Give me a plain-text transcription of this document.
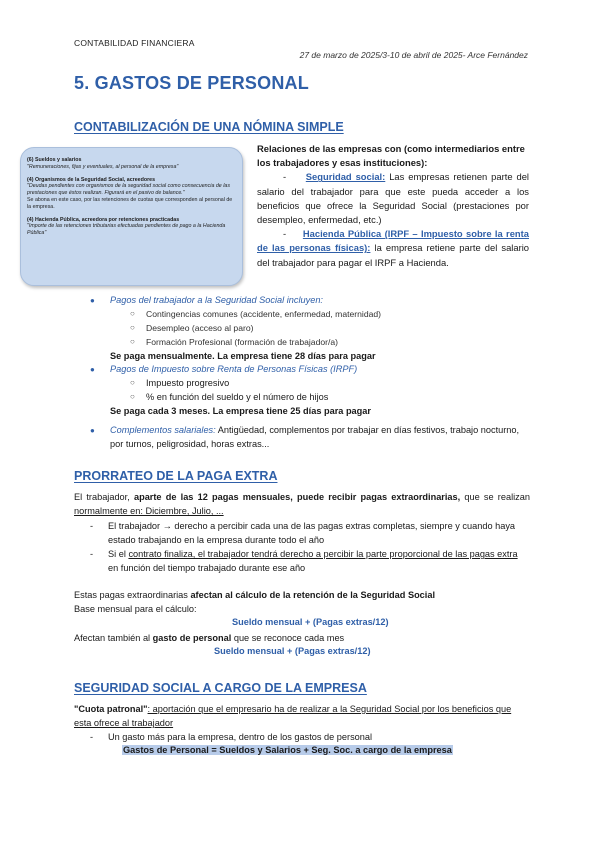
CONTABILIDAD FINANCIERA
27 de marzo de 2025/3-10 de abril de 2025- Arce Fernández
5. GASTOS DE PERSONAL
CONTABILIZACIÓN DE UNA NÓMINA SIMPLE

(6) Sueldos y salarios
"Remuneraciones, fijas y eventuales, al personal de la empresa"

(4) Organismos de la Seguridad Social, acreedores
"Deudas pendientes con organismos de la seguridad social como consecuencia de las prestaciones que éstos realizan. Figurará en el pasivo de balance."
Se abona en este caso, por las retenciones de cuotas que corresponden al personal de la empresa.

(4) Hacienda Pública, acreedora por retenciones practicadas
"Importe de las retenciones tributarias efectuadas pendientes de pago a la Hacienda Pública"

Relaciones de las empresas con (como intermediarios entre los trabajadores y esas instituciones):
- Seguridad social: Las empresas retienen parte del salario del trabajador para que este pueda acceder a los beneficios que ofrece la Seguridad Social (prestaciones por desempleo, enfermedad, etc.)
- Hacienda Pública (IRPF – Impuesto sobre la renta de las personas físicas): la empresa retiene parte del salario del trabajador para pagar el IRPF a Hacienda.
● Pagos del trabajador a la Seguridad Social incluyen:
○ Contingencias comunes (accidente, enfermedad, maternidad)
○ Desempleo (acceso al paro)
○ Formación Profesional (formación de trabajador/a)
Se paga mensualmente. La empresa tiene 28 días para pagar
● Pagos de Impuesto sobre Renta de Personas Físicas (IRPF)
○ Impuesto progresivo
○ % en función del sueldo y el número de hijos
Se paga cada 3 meses. La empresa tiene 25 días para pagar
● Complementos salariales: Antigüedad, complementos por trabajar en días festivos, trabajo nocturno, por turnos, peligrosidad, horas extras...
PRORRATEO DE LA PAGA EXTRA
El trabajador, aparte de las 12 pagas mensuales, puede recibir pagas extraordinarias, que se realizan normalmente en: Diciembre, Julio, ...
- El trabajador → derecho a percibir cada una de las pagas extras completas, siempre y cuando haya estado trabajando en la empresa durante todo el año
- Si el contrato finaliza, el trabajador tendrá derecho a percibir la parte proporcional de las pagas extra en función del tiempo trabajado durante ese año
Estas pagas extraordinarias afectan al cálculo de la retención de la Seguridad Social
Base mensual para el cálculo:
Sueldo mensual + (Pagas extras/12)
Afectan también al gasto de personal que se reconoce cada mes
Sueldo mensual + (Pagas extras/12)
SEGURIDAD SOCIAL A CARGO DE LA EMPRESA
"Cuota patronal": aportación que el empresario ha de realizar a la Seguridad Social por los beneficios que esta ofrece al trabajador
- Un gasto más para la empresa, dentro de los gastos de personal
Gastos de Personal = Sueldos y Salarios + Seg. Soc. a cargo de la empresa
